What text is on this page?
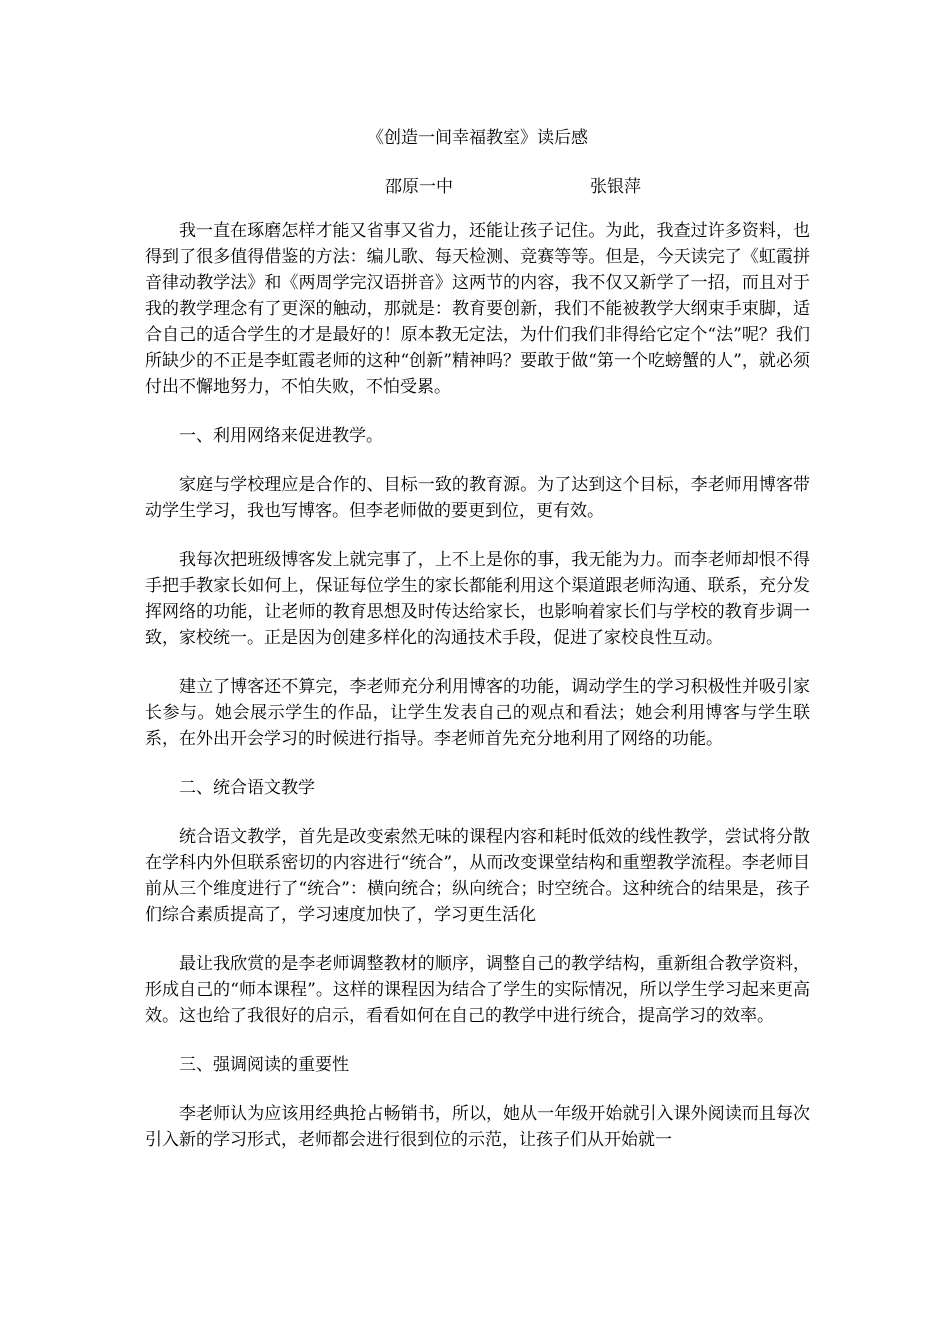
《创造一间幸福教室》读后感
邵原一中	张银萍

我一直在琢磨怎样才能又省事又省力，还能让孩子记住。为此，我查过许多资料，也得到了很多值得借鉴的方法：编儿歌、每天检测、竞赛等等。但是，今天读完了《虹霞拼音律动教学法》和《两周学完汉语拼音》这两节的内容，我不仅又新学了一招，而且对于我的教学理念有了更深的触动，那就是：教育要创新，我们不能被教学大纲束手束脚，适合自己的适合学生的才是最好的！原本教无定法，为什们我们非得给它定个“法”呢？我们所缺少的不正是李虹霞老师的这种“创新”精神吗？要敢于做“第一个吃螃蟹的人”，就必须付出不懈地努力，不怕失败，不怕受累。

一、利用网络来促进教学。

家庭与学校理应是合作的、目标一致的教育源。为了达到这个目标，李老师用博客带动学生学习，我也写博客。但李老师做的要更到位，更有效。

我每次把班级博客发上就完事了，上不上是你的事，我无能为力。而李老师却恨不得手把手教家长如何上，保证每位学生的家长都能利用这个渠道跟老师沟通、联系，充分发挥网络的功能，让老师的教育思想及时传达给家长，也影响着家长们与学校的教育步调一致，家校统一。正是因为创建多样化的沟通技术手段，促进了家校良性互动。

建立了博客还不算完，李老师充分利用博客的功能，调动学生的学习积极性并吸引家长参与。她会展示学生的作品，让学生发表自己的观点和看法；她会利用博客与学生联系，在外出开会学习的时候进行指导。李老师首先充分地利用了网络的功能。

二、统合语文教学

统合语文教学，首先是改变索然无味的课程内容和耗时低效的线性教学，尝试将分散在学科内外但联系密切的内容进行“统合”，从而改变课堂结构和重塑教学流程。李老师目前从三个维度进行了“统合”：横向统合；纵向统合；时空统合。这种统合的结果是，孩子们综合素质提高了，学习速度加快了，学习更生活化

最让我欣赏的是李老师调整教材的顺序，调整自己的教学结构，重新组合教学资料，形成自己的“师本课程”。这样的课程因为结合了学生的实际情况，所以学生学习起来更高效。这也给了我很好的启示，看看如何在自己的教学中进行统合，提高学习的效率。

三、强调阅读的重要性

李老师认为应该用经典抢占畅销书，所以，她从一年级开始就引入课外阅读而且每次引入新的学习形式，老师都会进行很到位的示范，让孩子们从开始就一
